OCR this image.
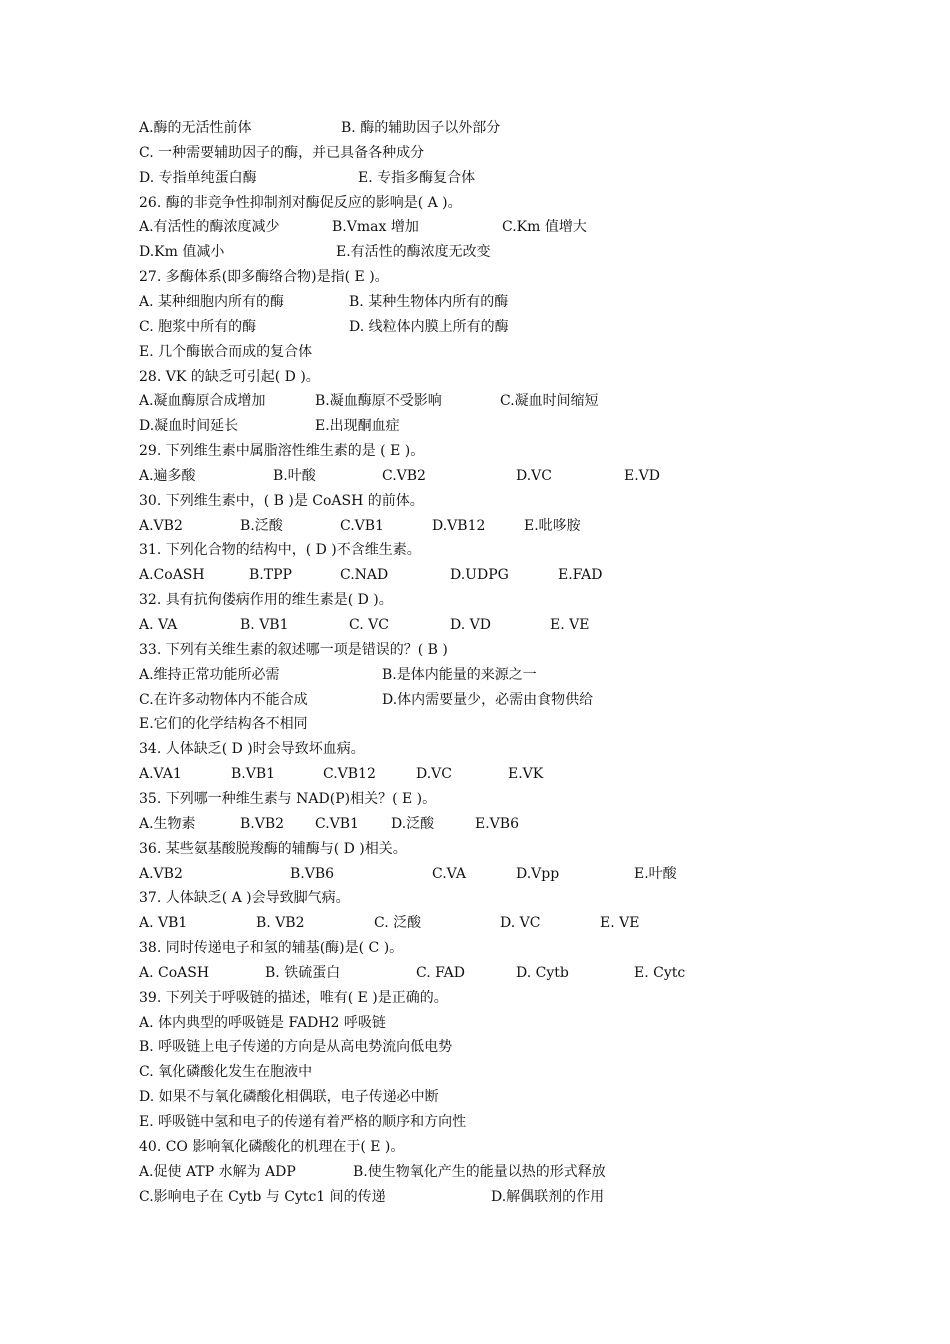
A.酶的无活性前体	B. 酶的辅助因子以外部分
C. 一种需要辅助因子的酶，并已具备各种成分
D. 专指单纯蛋白酶	E. 专指多酶复合体
26. 酶的非竞争性抑制剂对酶促反应的影响是( A )。
A.有活性的酶浓度减少	B.Vmax 增加	C.Km 值增大
D.Km 值减小	E.有活性的酶浓度无改变
27. 多酶体系(即多酶络合物)是指( E )。
A. 某种细胞内所有的酶	B. 某种生物体内所有的酶
C. 胞浆中所有的酶	D. 线粒体内膜上所有的酶
E. 几个酶嵌合而成的复合体
28. VK 的缺乏可引起( D )。
A.凝血酶原合成增加	B.凝血酶原不受影响	C.凝血时间缩短
D.凝血时间延长	E.出现酮血症
29. 下列维生素中属脂溶性维生素的是 ( E )。
A.遍多酸	B.叶酸	C.VB2	D.VC	E.VD
30. 下列维生素中，( B )是 CoASH 的前体。
A.VB2	B.泛酸	C.VB1	D.VB12	E.吡哆胺
31. 下列化合物的结构中，( D )不含维生素。
A.CoASH	B.TPP	C.NAD	D.UDPG	E.FAD
32. 具有抗佝偻病作用的维生素是( D )。
A. VA	B. VB1	C. VC	D. VD	E. VE
33. 下列有关维生素的叙述哪一项是错误的？( B )
A.维持正常功能所必需	B.是体内能量的来源之一
C.在许多动物体内不能合成	D.体内需要量少，必需由食物供给
E.它们的化学结构各不相同
34. 人体缺乏( D )时会导致坏血病。
A.VA1	B.VB1	C.VB12	D.VC	E.VK
35. 下列哪一种维生素与 NAD(P)相关？( E )。
A.生物素	B.VB2 C.VB1 D.泛酸	E.VB6
36. 某些氨基酸脱羧酶的辅酶与( D )相关。
A.VB2	B.VB6	C.VA	D.Vpp	E.叶酸
37. 人体缺乏( A )会导致脚气病。
A. VB1	B. VB2	C. 泛酸	D. VC	E. VE
38. 同时传递电子和氢的辅基(酶)是( C )。
A. CoASH	B. 铁硫蛋白	C. FAD	D. Cytb	E. Cytc
39. 下列关于呼吸链的描述，唯有( E )是正确的。
A. 体内典型的呼吸链是 FADH2 呼吸链
B. 呼吸链上电子传递的方向是从高电势流向低电势
C. 氧化磷酸化发生在胞液中
D. 如果不与氧化磷酸化相偶联，电子传递必中断
E. 呼吸链中氢和电子的传递有着严格的顺序和方向性
40. CO 影响氧化磷酸化的机理在于( E )。
A.促使 ATP 水解为 ADP	B.使生物氧化产生的能量以热的形式释放
C.影响电子在 Cytb 与 Cytc1 间的传递	D.解偶联剂的作用
